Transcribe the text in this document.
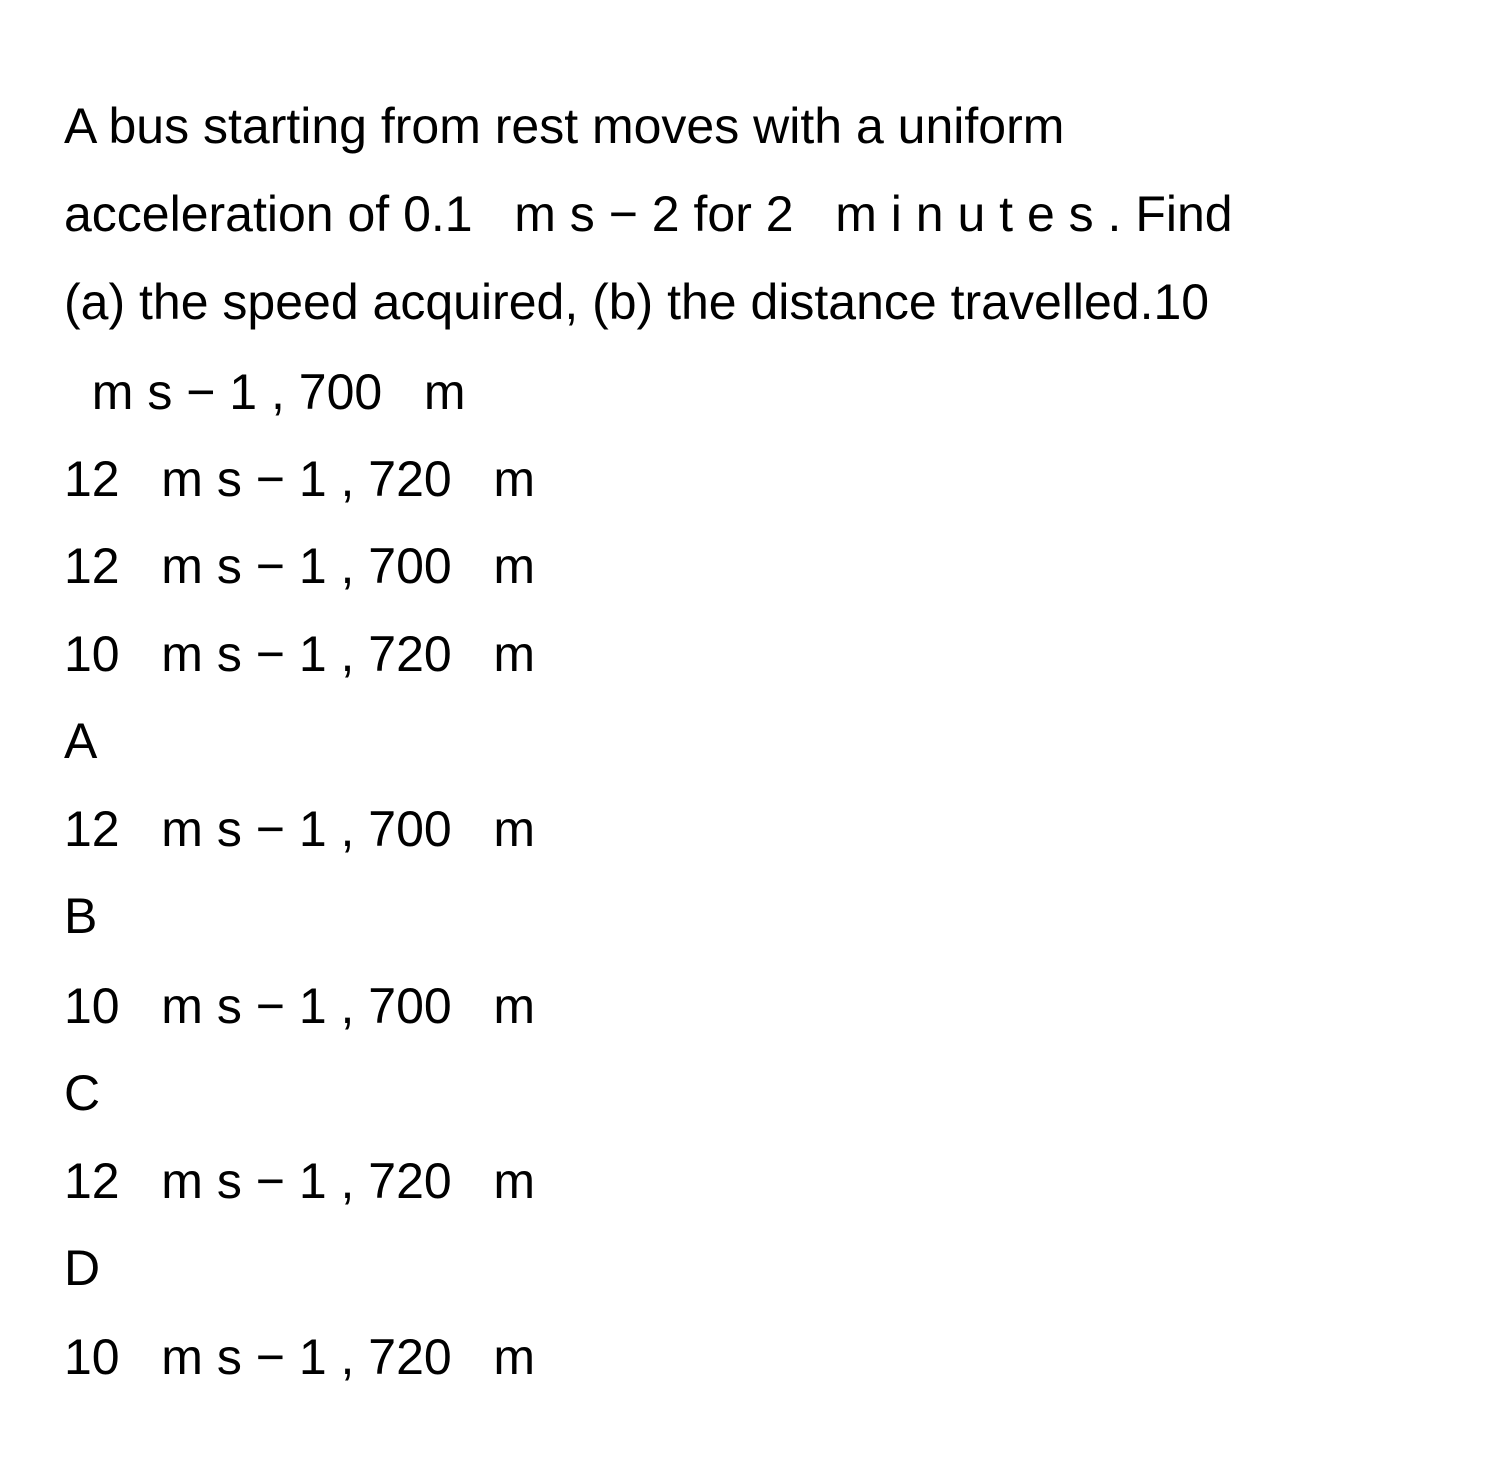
A bus starting from rest moves with a uniform
acceleration of 0.1   m s − 2 for 2   m i n u t e s . Find
(a) the speed acquired, (b) the distance travelled.10
m s − 1 , 700   m
12   m s − 1 , 720   m
12   m s − 1 , 700   m
10   m s − 1 , 720   m
A
12   m s − 1 , 700   m
B
10   m s − 1 , 700   m
C
12   m s − 1 , 720   m
D
10   m s − 1 , 720   m
